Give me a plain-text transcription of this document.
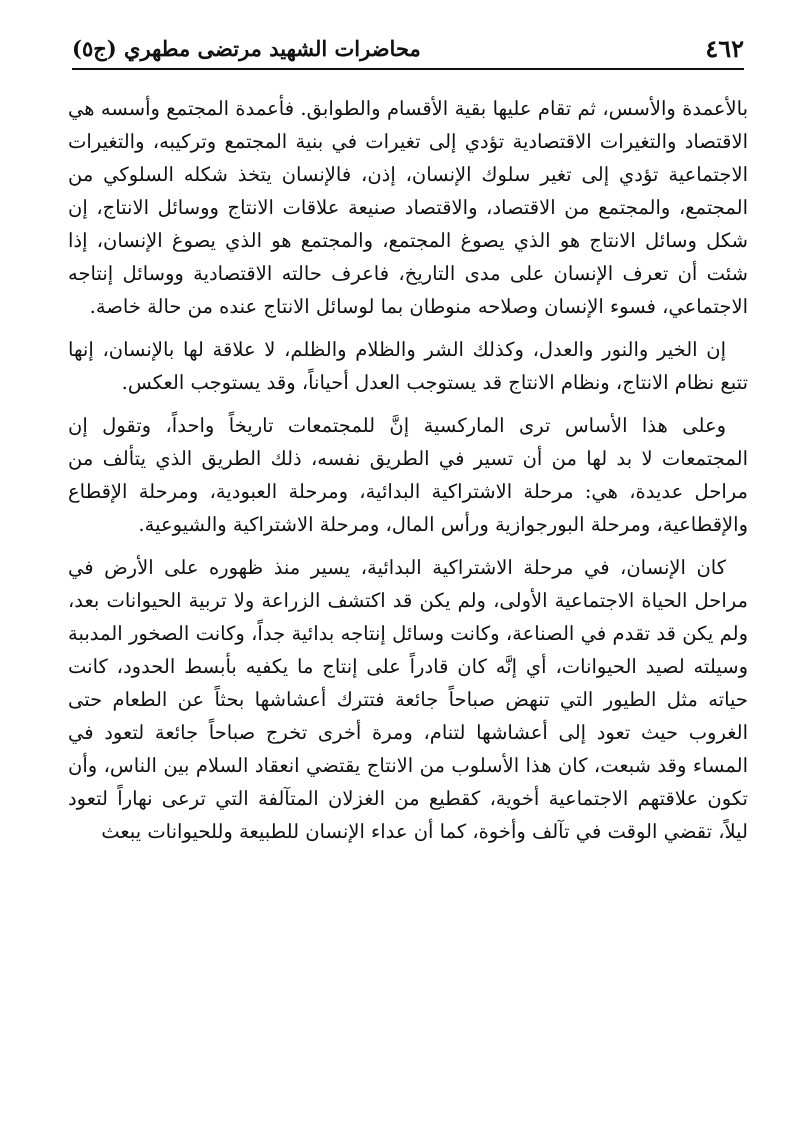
٤٦٢
محاضرات الشهيد مرتضى مطهري (ج٥)

بالأعمدة والأسس، ثم تقام عليها بقية الأقسام والطوابق. فأعمدة المجتمع وأسسه هي الاقتصاد والتغيرات الاقتصادية تؤدي إلى تغيرات في بنية المجتمع وتركيبه، والتغيرات الاجتماعية تؤدي إلى تغير سلوك الإنسان، إذن، فالإنسان يتخذ شكله السلوكي من المجتمع، والمجتمع من الاقتصاد، والاقتصاد صنيعة علاقات الانتاج ووسائل الانتاج، إن شكل وسائل الانتاج هو الذي يصوغ المجتمع، والمجتمع هو الذي يصوغ الإنسان، إذا شئت أن تعرف الإنسان على مدى التاريخ، فاعرف حالته الاقتصادية ووسائل إنتاجه الاجتماعي، فسوء الإنسان وصلاحه منوطان بما لوسائل الانتاج عنده من حالة خاصة.

إن الخير والنور والعدل، وكذلك الشر والظلام والظلم، لا علاقة لها بالإنسان، إنها تتبع نظام الانتاج، ونظام الانتاج قد يستوجب العدل أحياناً، وقد يستوجب العكس.

وعلى هذا الأساس ترى الماركسية إنَّ للمجتمعات تاريخاً واحداً، وتقول إن المجتمعات لا بد لها من أن تسير في الطريق نفسه، ذلك الطريق الذي يتألف من مراحل عديدة، هي: مرحلة الاشتراكية البدائية، ومرحلة العبودية، ومرحلة الإقطاع والإقطاعية، ومرحلة البورجوازية ورأس المال، ومرحلة الاشتراكية والشيوعية.

كان الإنسان، في مرحلة الاشتراكية البدائية، يسير منذ ظهوره على الأرض في مراحل الحياة الاجتماعية الأولى، ولم يكن قد اكتشف الزراعة ولا تربية الحيوانات بعد، ولم يكن قد تقدم في الصناعة، وكانت وسائل إنتاجه بدائية جداً، وكانت الصخور المدببة وسيلته لصيد الحيوانات، أي إنَّه كان قادراً على إنتاج ما يكفيه بأبسط الحدود، كانت حياته مثل الطيور التي تنهض صباحاً جائعة فتترك أعشاشها بحثاً عن الطعام حتى الغروب حيث تعود إلى أعشاشها لتنام، ومرة أخرى تخرج صباحاً جائعة لتعود في المساء وقد شبعت، كان هذا الأسلوب من الانتاج يقتضي انعقاد السلام بين الناس، وأن تكون علاقتهم الاجتماعية أخوية، كقطيع من الغزلان المتآلفة التي ترعى نهاراً لتعود ليلاً، تقضي الوقت في تآلف وأخوة، كما أن عداء الإنسان للطبيعة وللحيوانات يبعث
